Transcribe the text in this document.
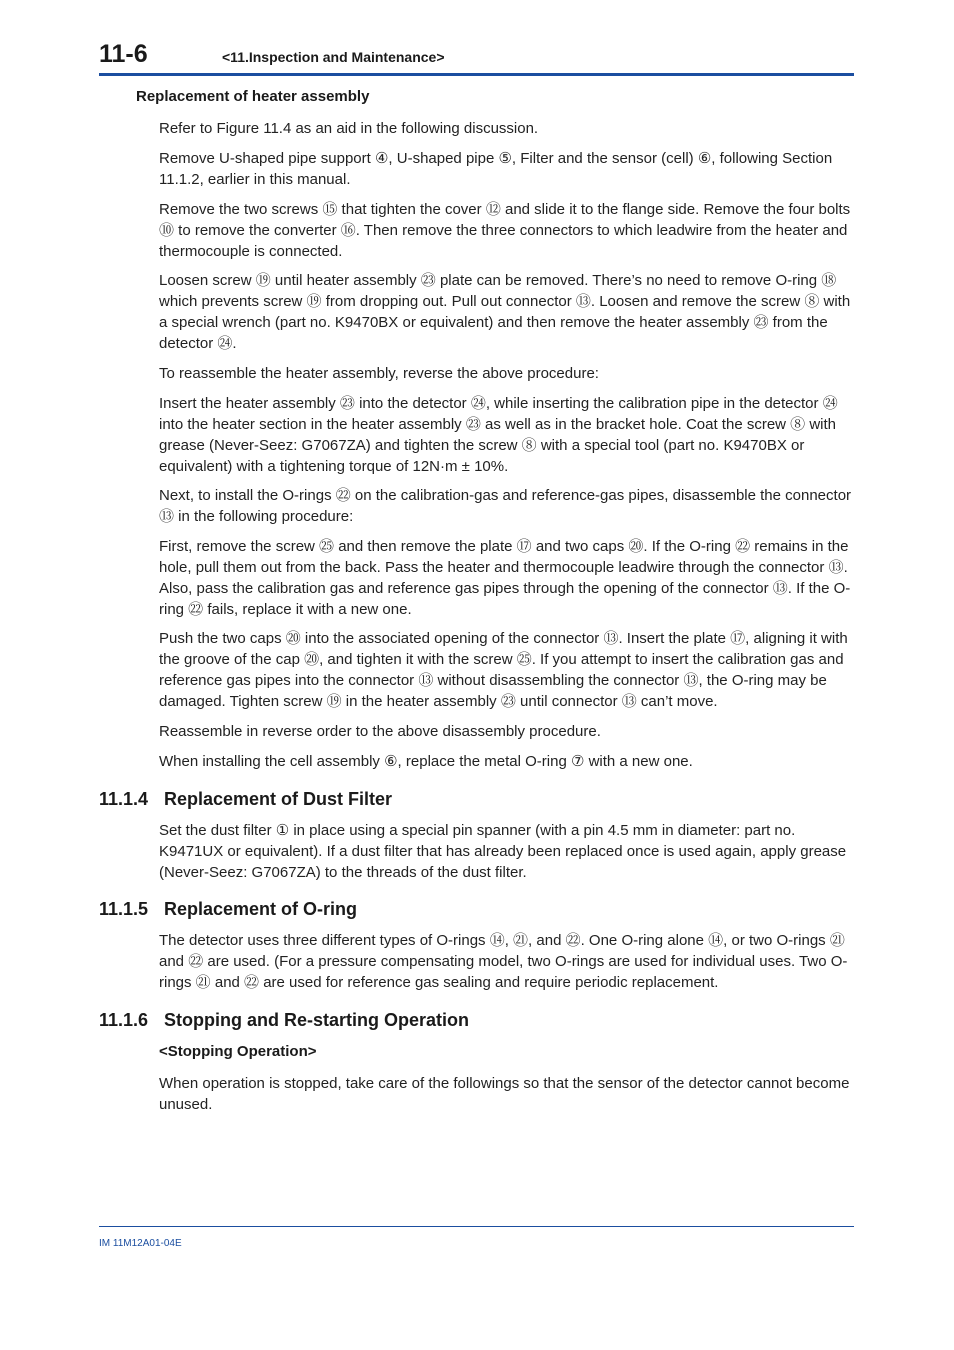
11-6	<11.Inspection and Maintenance>
Replacement of heater assembly

Refer to Figure 11.4 as an aid in the following discussion.

Remove U-shaped pipe support ④, U-shaped pipe ⑤, Filter and the sensor (cell) ⑥, following Section 11.1.2, earlier in this manual.

Remove the two screws ⑮ that tighten the cover ⑫ and slide it to the flange side. Remove the four bolts ⑩ to remove the converter ⑯. Then remove the three connectors to which leadwire from the heater and thermocouple is connected.

Loosen screw ⑲ until heater assembly ㉓ plate can be removed. There’s no need to remove O-ring ⑱ which prevents screw ⑲ from dropping out. Pull out connector ⑬. Loosen and remove the screw ⑧ with a special wrench (part no. K9470BX or equivalent) and then remove the heater assembly ㉓ from the detector ㉔.

To reassemble the heater assembly, reverse the above procedure:

Insert the heater assembly ㉓ into the detector ㉔, while inserting the calibration pipe in the detector ㉔ into the heater section in the heater assembly ㉓ as well as in the bracket hole. Coat the screw ⑧ with grease (Never-Seez: G7067ZA) and tighten the screw ⑧ with a special tool (part no. K9470BX or equivalent) with a tightening torque of 12N·m ± 10%.

Next, to install the O-rings ㉒ on the calibration-gas and reference-gas pipes, disassemble the connector ⑬ in the following procedure:

First, remove the screw ㉕ and then remove the plate ⑰ and two caps ⑳. If the O-ring ㉒ remains in the hole, pull them out from the back. Pass the heater and thermocouple leadwire through the connector ⑬. Also, pass the calibration gas and reference gas pipes through the opening of the connector ⑬. If the O-ring ㉒ fails, replace it with a new one.

Push the two caps ⑳ into the associated opening of the connector ⑬. Insert the plate ⑰, aligning it with the groove of the cap ⑳, and tighten it with the screw ㉕. If you attempt to insert the calibration gas and reference gas pipes into the connector ⑬ without disassembling the connector ⑬, the O-ring may be damaged. Tighten screw ⑲ in the heater assembly ㉓ until connector ⑬ can’t move.

Reassemble in reverse order to the above disassembly procedure.

When installing the cell assembly ⑥, replace the metal O-ring ⑦ with a new one.

11.1.4 Replacement of Dust Filter

Set the dust filter ① in place using a special pin spanner (with a pin 4.5 mm in diameter: part no. K9471UX or equivalent). If a dust filter that has already been replaced once is used again, apply grease (Never-Seez: G7067ZA) to the threads of the dust filter.

11.1.5 Replacement of O-ring

The detector uses three different types of O-rings ⑭, ㉑, and ㉒. One O-ring alone ⑭, or two O-rings ㉑ and ㉒ are used. (For a pressure compensating model, two O-rings are used for individual uses. Two O-rings ㉑ and ㉒ are used for reference gas sealing and require periodic replacement.

11.1.6 Stopping and Re-starting Operation
<Stopping Operation>

When operation is stopped, take care of the followings so that the sensor of the detector cannot become unused.

IM 11M12A01-04E
